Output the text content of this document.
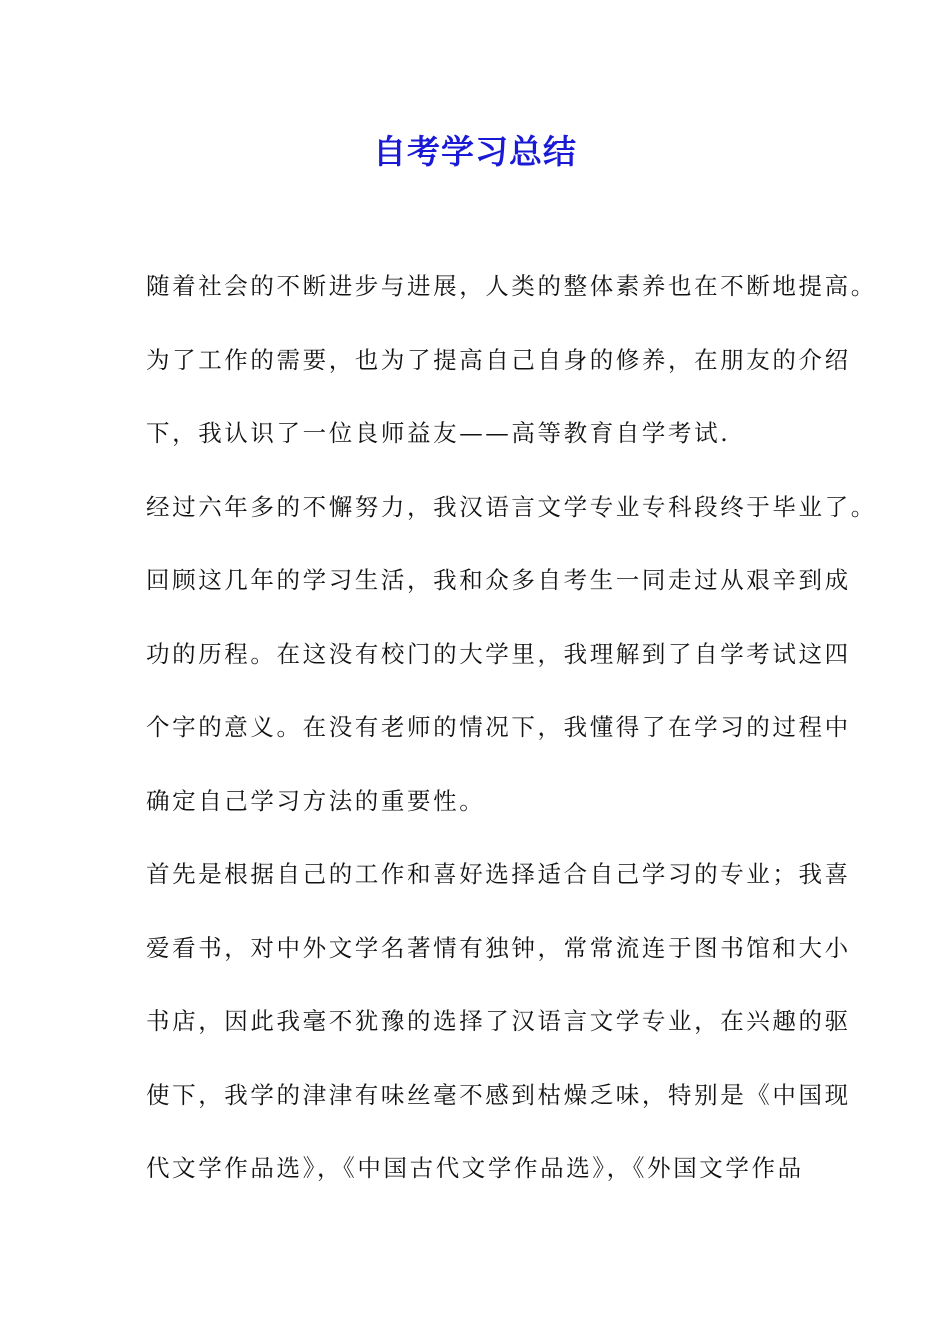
自考学习总结
随着社会的不断进步与进展，人类的整体素养也在不断地提高。
为了工作的需要，也为了提高自己自身的修养，在朋友的介绍
下，我认识了一位良师益友——高等教育自学考试.
经过六年多的不懈努力，我汉语言文学专业专科段终于毕业了。
回顾这几年的学习生活，我和众多自考生一同走过从艰辛到成
功的历程。在这没有校门的大学里，我理解到了自学考试这四
个字的意义。在没有老师的情况下，我懂得了在学习的过程中
确定自己学习方法的重要性。
首先是根据自己的工作和喜好选择适合自己学习的专业；我喜
爱看书，对中外文学名著情有独钟，常常流连于图书馆和大小
书店，因此我毫不犹豫的选择了汉语言文学专业，在兴趣的驱
使下，我学的津津有味丝毫不感到枯燥乏味，特别是《中国现
代文学作品选》，《中国古代文学作品选》，《外国文学作品
